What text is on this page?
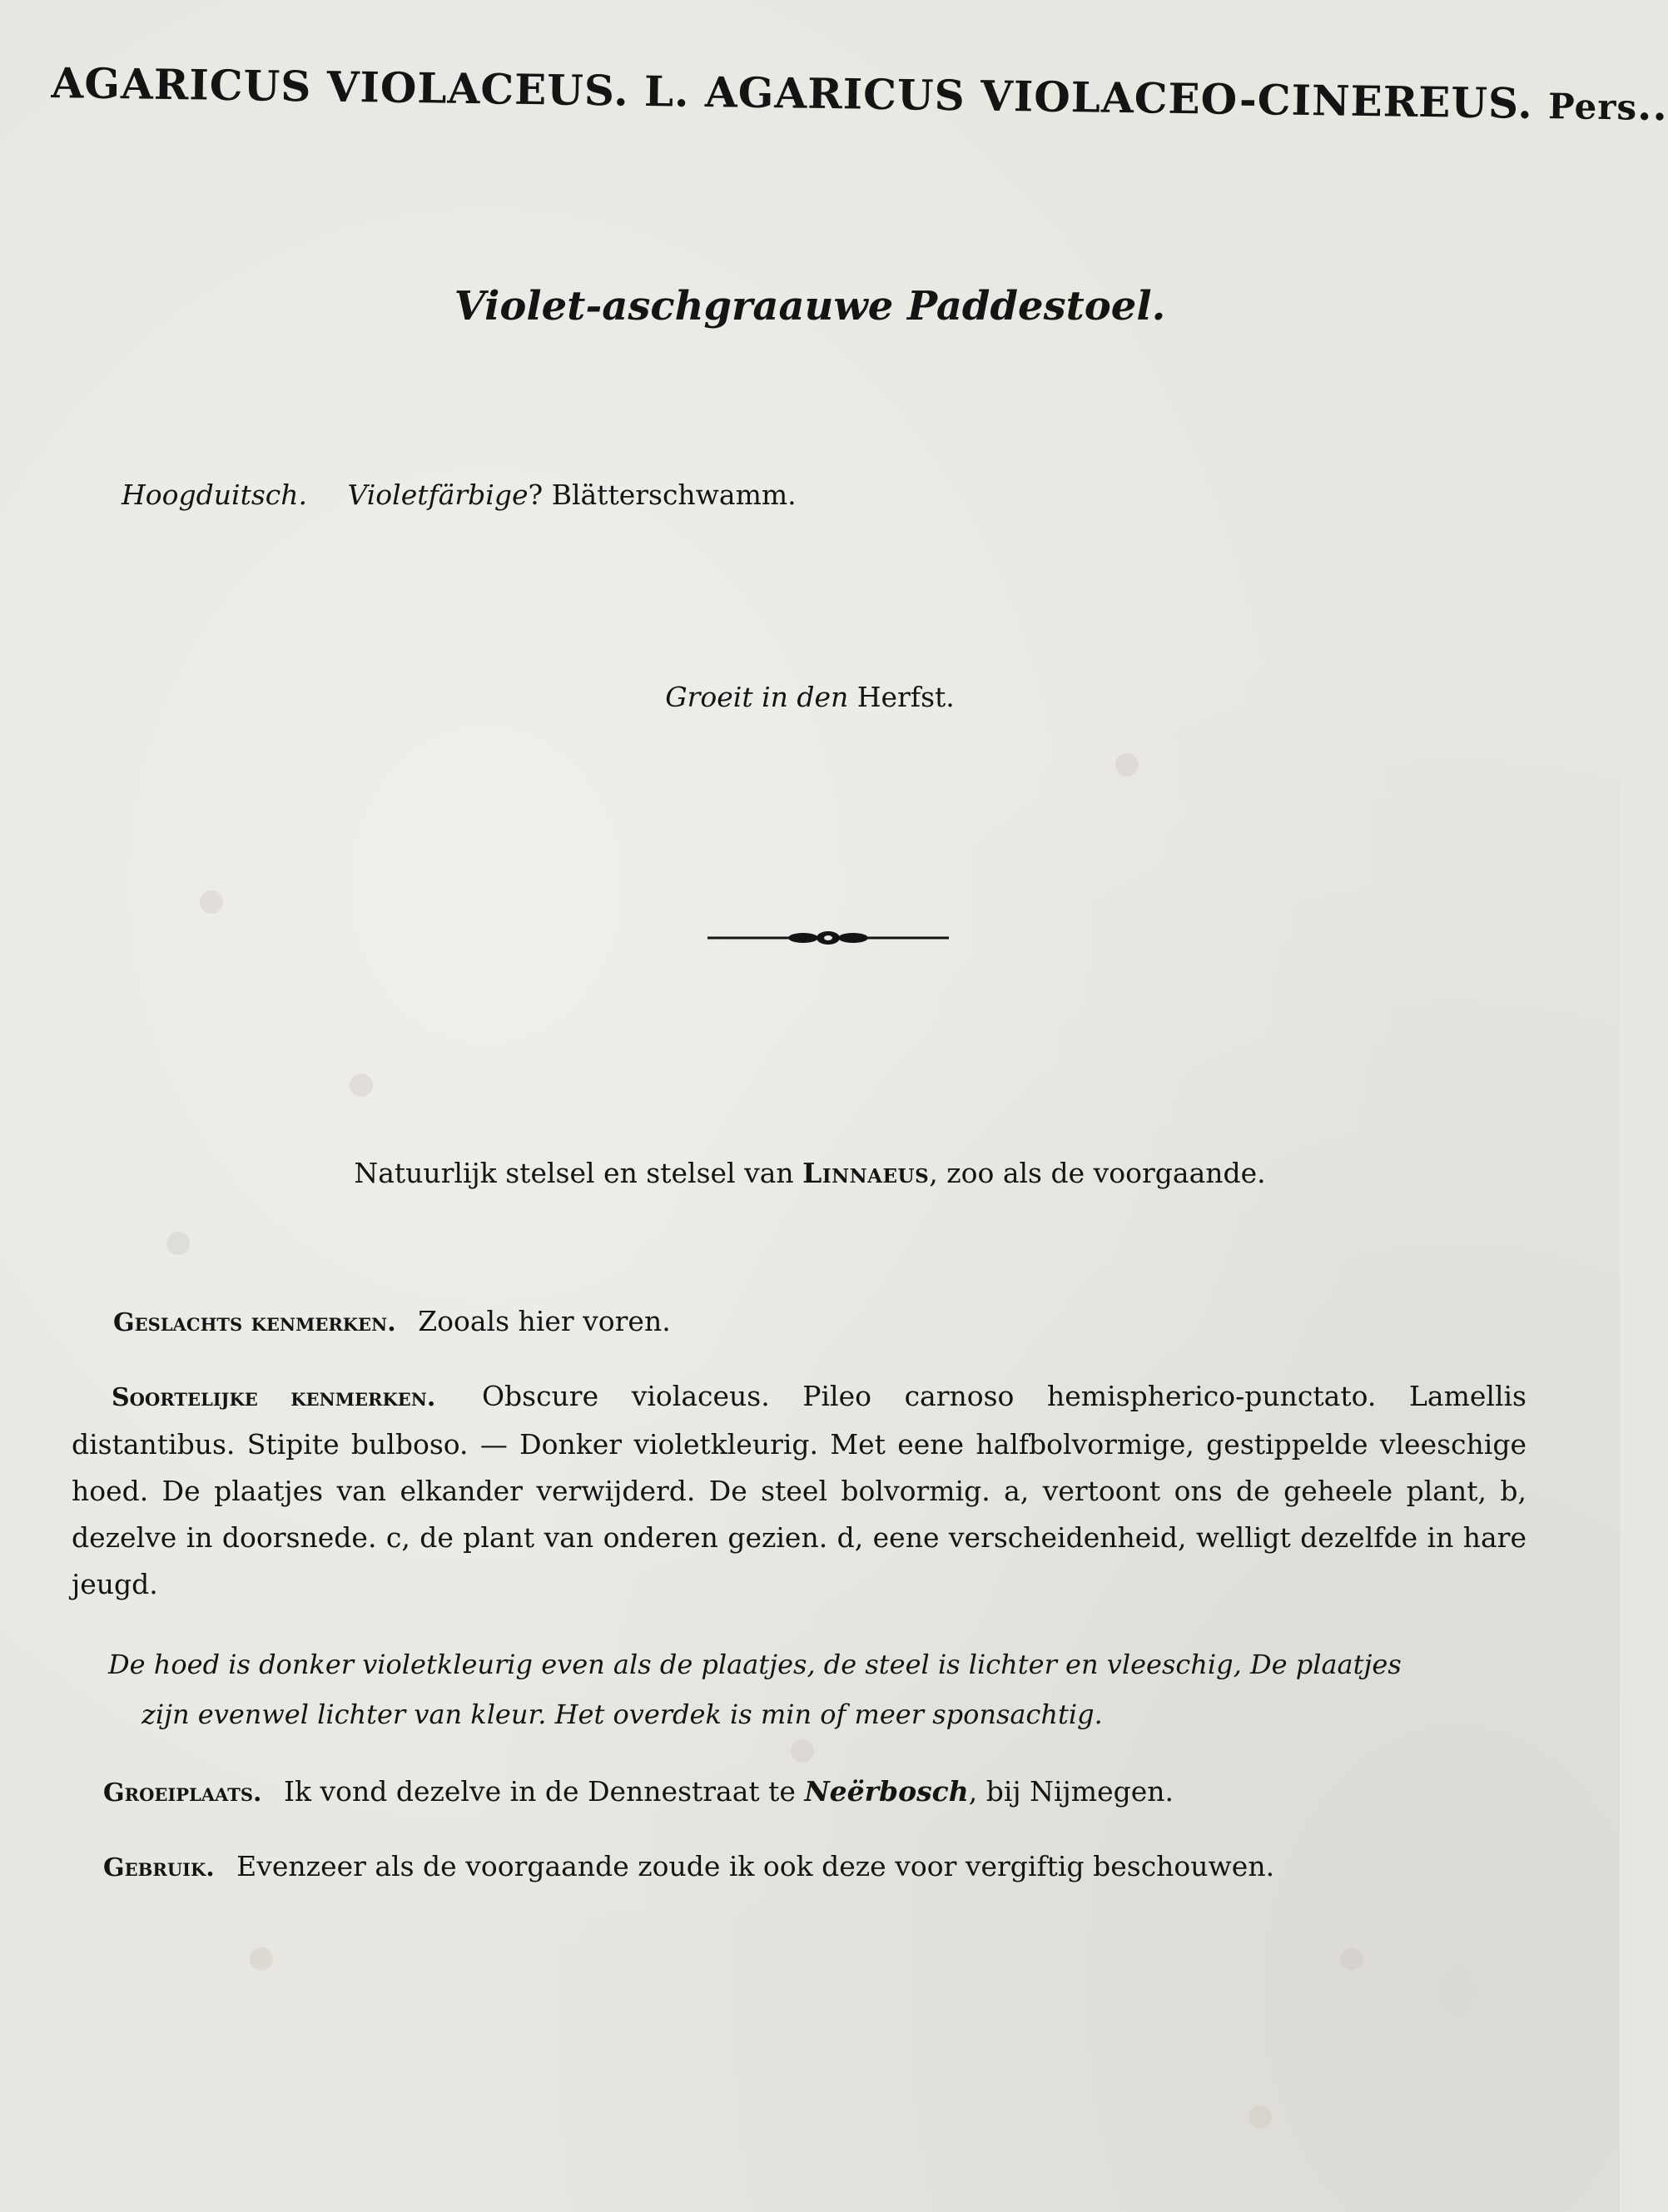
AGARICUS VIOLACEUS. L. AGARICUS VIOLACEO-CINEREUS. Pers..
Violet-aschgraauwe Paddestoel.
Hoogduitsch. Violetfärbige? Blätterschwamm.
Groeit in den Herfst.
Natuurlijk stelsel en stelsel van Linnaeus, zoo als de voorgaande.
Geslachts kenmerken. Zooals hier voren.
Soortelijke kenmerken. Obscure violaceus. Pileo carnoso hemispherico-punctato. Lamellis distantibus. Stipite bulboso. — Donker violetkleurig. Met eene halfbolvormige, gestippelde vleeschige hoed. De plaatjes van elkander verwijderd. De steel bolvormig. a, vertoont ons de geheele plant, b, dezelve in doorsnede. c, de plant van onderen gezien. d, eene verscheidenheid, welligt dezelfde in hare jeugd.
De hoed is donker violetkleurig even als de plaatjes, de steel is lichter en vleeschig, De plaatjes
zijn evenwel lichter van kleur. Het overdek is min of meer sponsachtig.
Groeiplaats. Ik vond dezelve in de Dennestraat te Neërbosch, bij Nijmegen.
Gebruik. Evenzeer als de voorgaande zoude ik ook deze voor vergiftig beschouwen.
